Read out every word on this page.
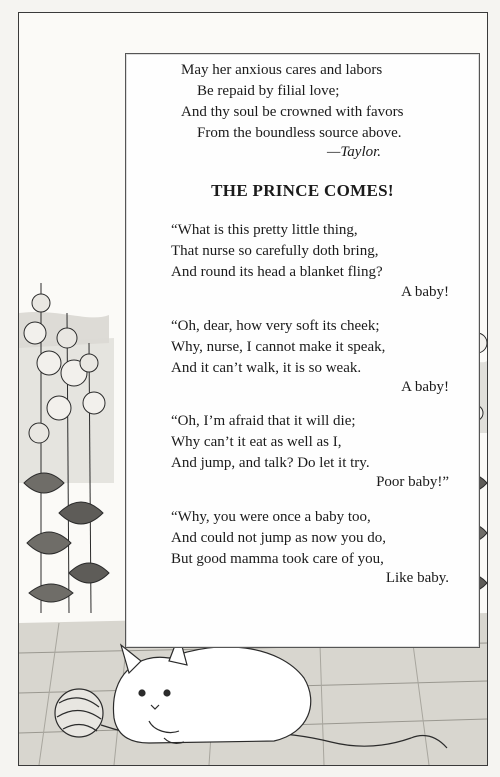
May her anxious cares and labors
Be repaid by filial love;
And thy soul be crowned with favors
From the boundless source above.
—Taylor.
THE PRINCE COMES!
“What is this pretty little thing,
That nurse so carefully doth bring,
And round its head a blanket fling?
A baby!
“Oh, dear, how very soft its cheek;
Why, nurse, I cannot make it speak,
And it can’t walk, it is so weak.
A baby!
“Oh, I’m afraid that it will die;
Why can’t it eat as well as I,
And jump, and talk? Do let it try.
Poor baby!”
“Why, you were once a baby too,
And could not jump as now you do,
But good mamma took care of you,
Like baby.
